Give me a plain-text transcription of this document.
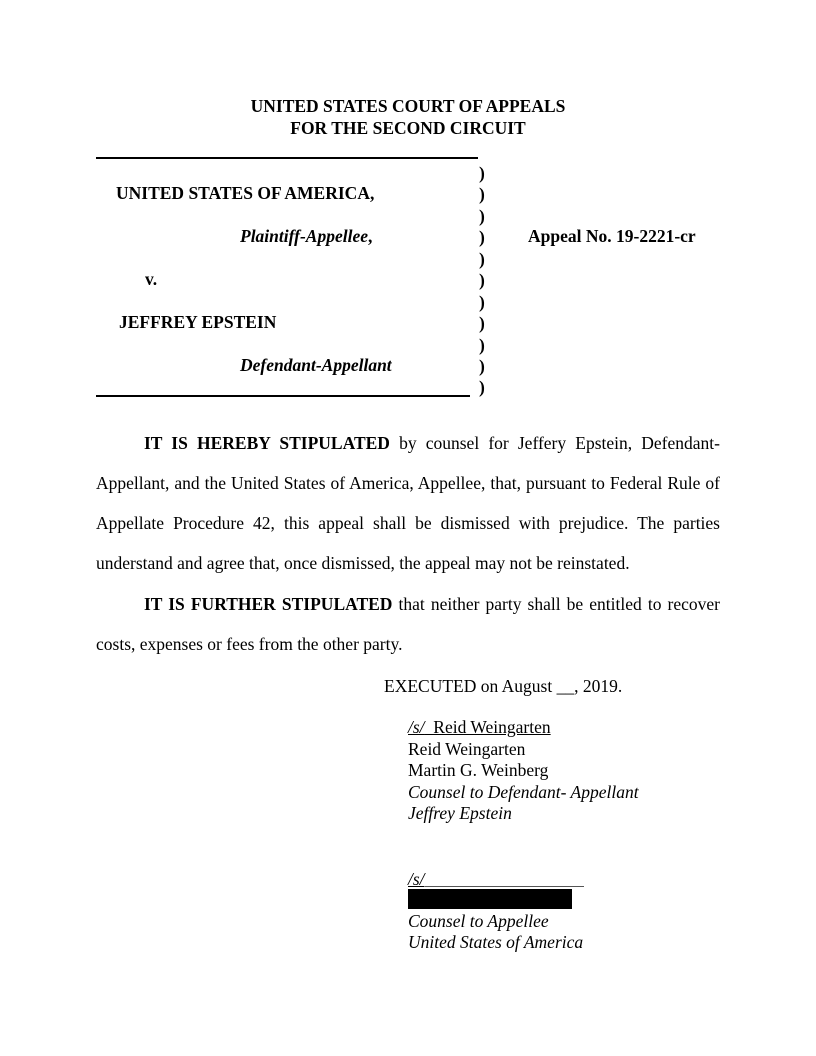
UNITED STATES COURT OF APPEALS
FOR THE SECOND CIRCUIT
UNITED STATES OF AMERICA,
Plaintiff-Appellee,
v.
JEFFREY EPSTEIN
Defendant-Appellant
)
)
)
)
)
)
)
)
)
)
)
Appeal No. 19-2221-cr
IT IS HEREBY STIPULATED by counsel for Jeffery Epstein, Defendant-Appellant, and the United States of America, Appellee, that, pursuant to Federal Rule of Appellate Procedure 42, this appeal shall be dismissed with prejudice. The parties understand and agree that, once dismissed, the appeal may not be reinstated.
IT IS FURTHER STIPULATED that neither party shall be entitled to recover costs, expenses or fees from the other party.
EXECUTED on August __, 2019.
/s/  Reid Weingarten
Reid Weingarten
Martin G. Weinberg
Counsel to Defendant- Appellant
Jeffrey Epstein
/s/
Counsel to Appellee
United States of America
